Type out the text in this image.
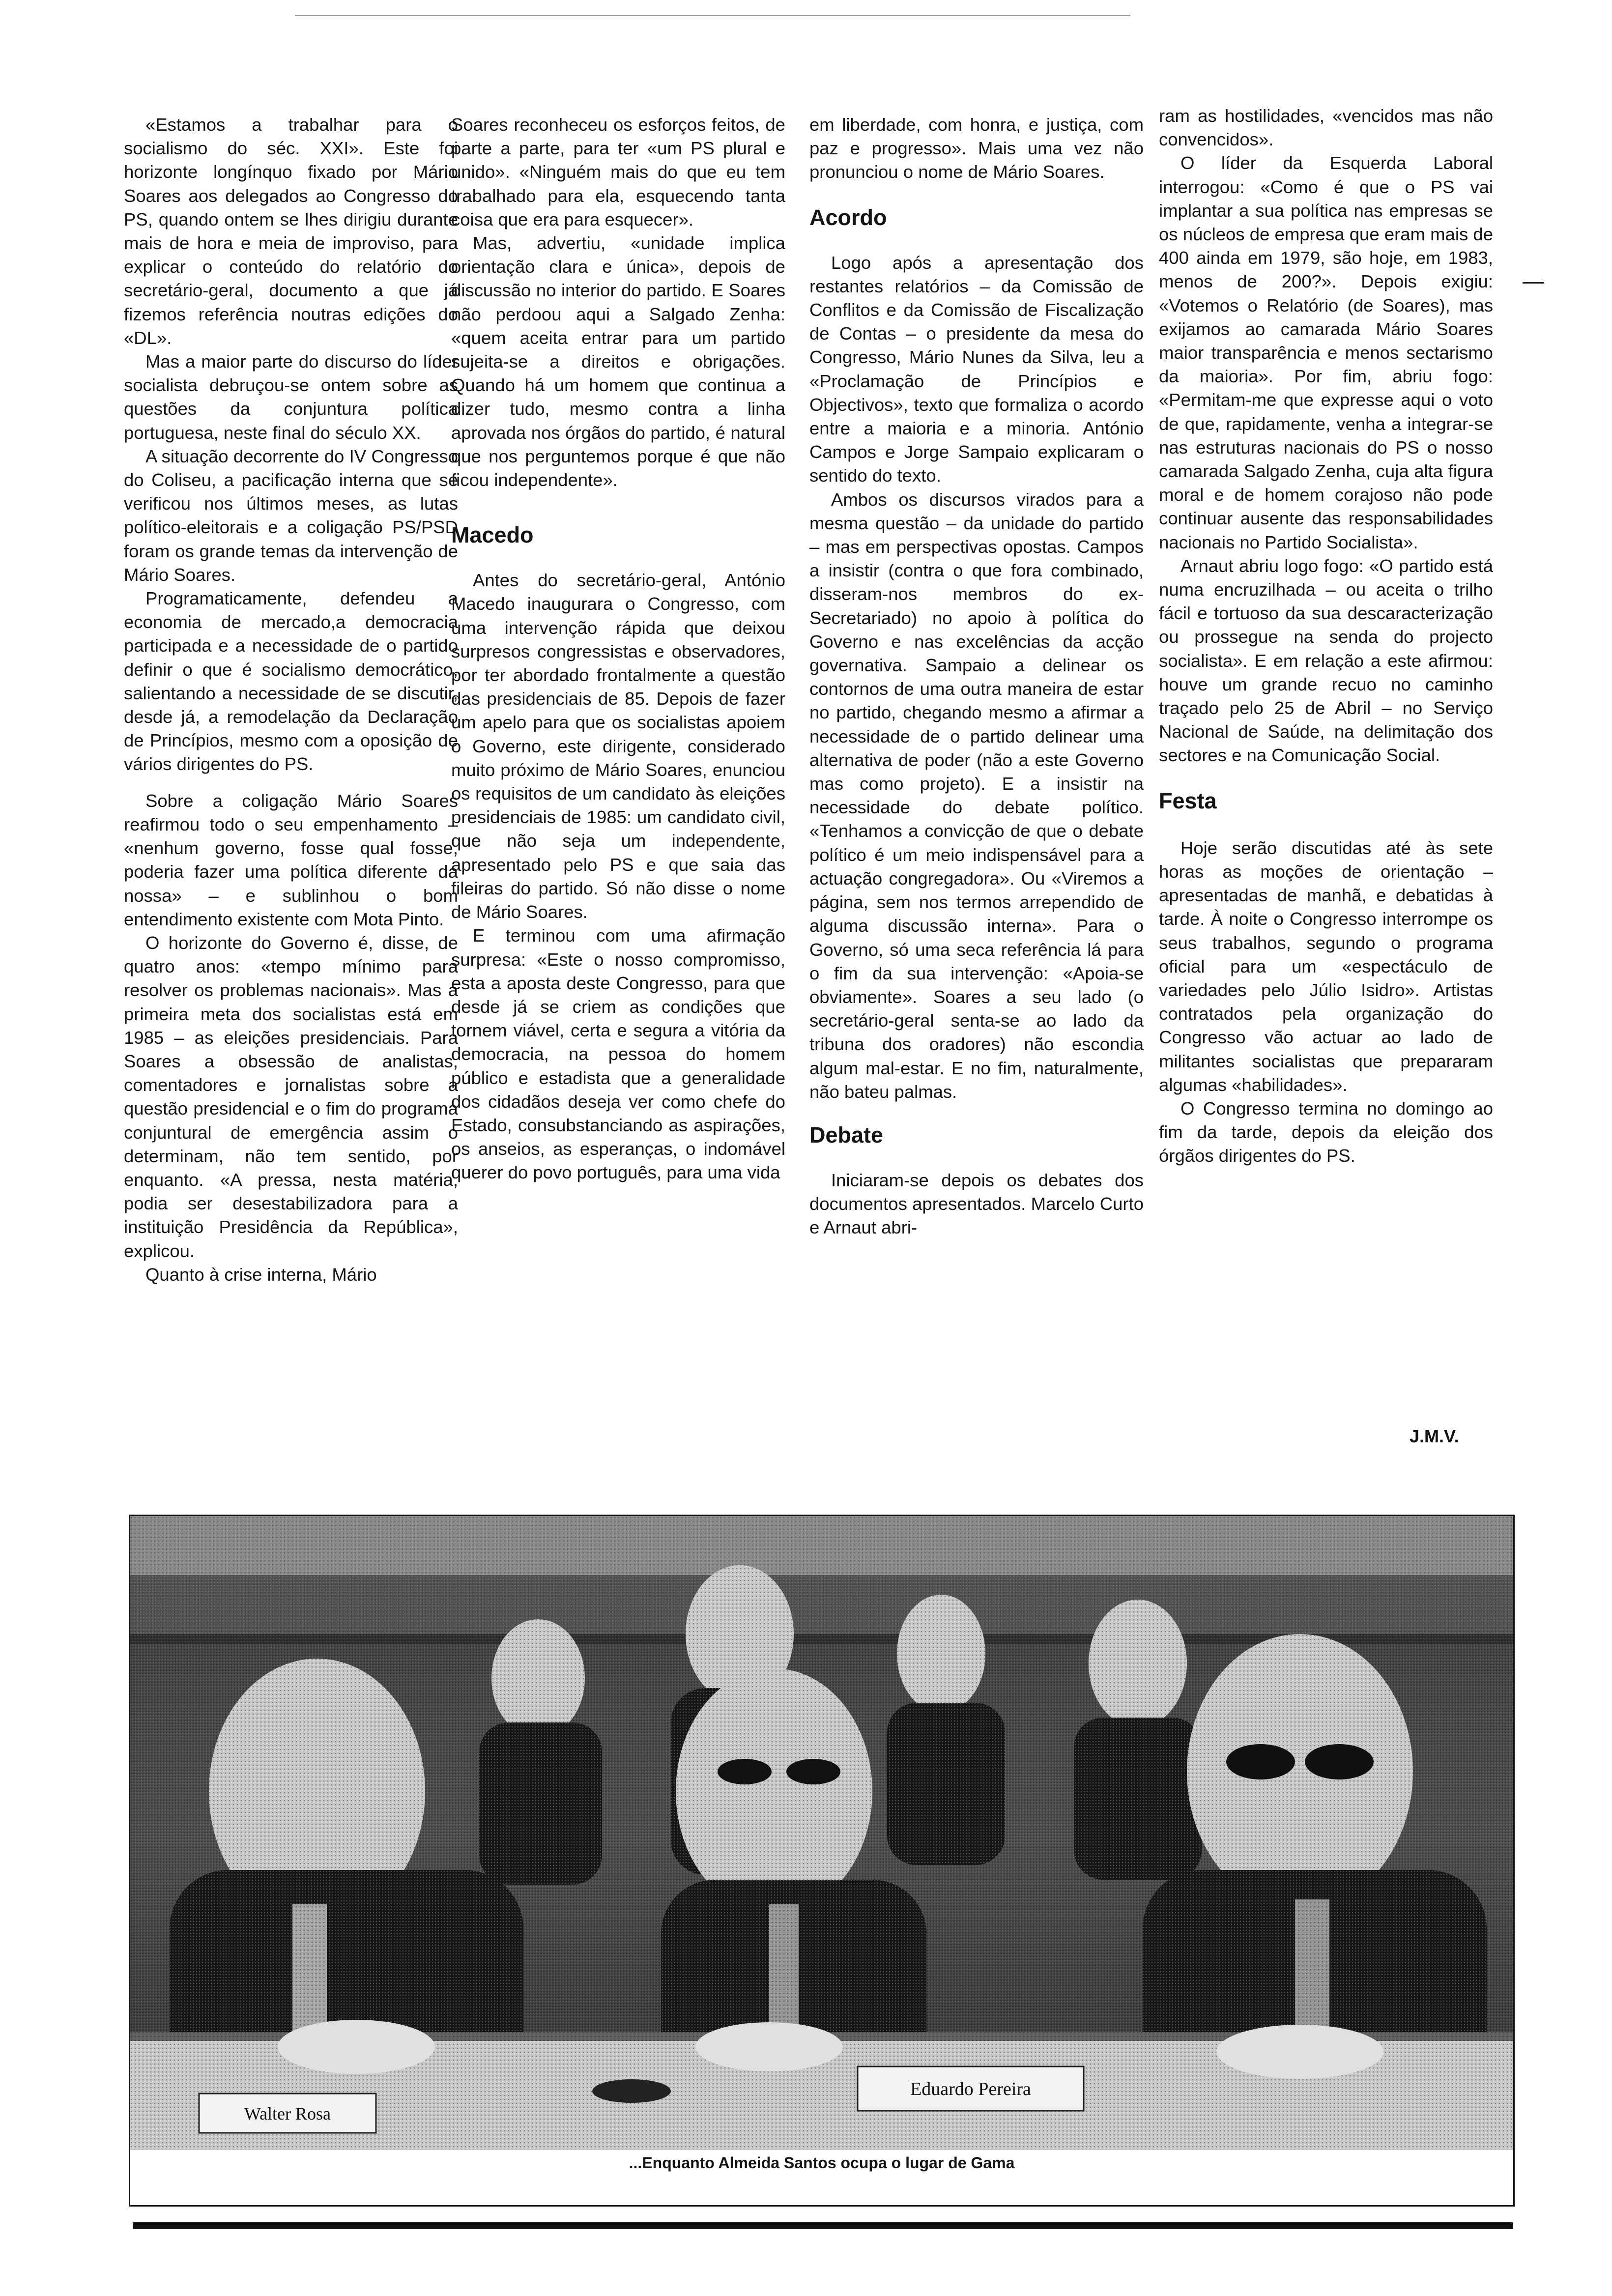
«Estamos a trabalhar para o socialismo do séc. XXI». Este foi horizonte longínquo fixado por Mário Soares aos delegados ao Congresso do PS, quando ontem se lhes dirigiu durante mais de hora e meia de improviso, para explicar o conteúdo do relatório do secretário-geral, documento a que já fizemos referência noutras edições do «DL».

Mas a maior parte do discurso do líder socialista debruçou-se ontem sobre as questões da conjuntura política portuguesa, neste final do século XX.

A situação decorrente do IV Congresso do Coliseu, a pacificação interna que se verificou nos últimos meses, as lutas político-eleitorais e a coligação PS/PSD foram os grande temas da intervenção de Mário Soares.

Programaticamente, defendeu a economia de mercado,a democracia participada e a necessidade de o partido definir o que é socialismo democrático, salientando a necessidade de se discutir, desde já, a remodelação da Declaração de Princípios, mesmo com a oposição de vários dirigentes do PS.

Sobre a coligação Mário Soares reafirmou todo o seu empenhamento – «nenhum governo, fosse qual fosse, poderia fazer uma política diferente da nossa» – e sublinhou o bom entendimento existente com Mota Pinto.

O horizonte do Governo é, disse, de quatro anos: «tempo mínimo para resolver os problemas nacionais». Mas a primeira meta dos socialistas está em 1985 – as eleições presidenciais. Para Soares a obsessão de analistas, comentadores e jornalistas sobre a questão presidencial e o fim do programa conjuntural de emergência assim o determinam, não tem sentido, por enquanto. «A pressa, nesta matéria, podia ser desestabilizadora para a instituição Presidência da República», explicou.

Quanto à crise interna, Mário

Soares reconheceu os esforços feitos, de parte a parte, para ter «um PS plural e unido». «Ninguém mais do que eu tem trabalhado para ela, esquecendo tanta coisa que era para esquecer».

Mas, advertiu, «unidade implica orientação clara e única», depois de discussão no interior do partido. E Soares não perdoou aqui a Salgado Zenha: «quem aceita entrar para um partido sujeita-se a direitos e obrigações. Quando há um homem que continua a dizer tudo, mesmo contra a linha aprovada nos órgãos do partido, é natural que nos perguntemos porque é que não ficou independente».

Macedo

Antes do secretário-geral, António Macedo inaugurara o Congresso, com uma intervenção rápida que deixou surpresos congressistas e observadores, por ter abordado frontalmente a questão das presidenciais de 85. Depois de fazer um apelo para que os socialistas apoiem o Governo, este dirigente, considerado muito próximo de Mário Soares, enunciou os requisitos de um candidato às eleições presidenciais de 1985: um candidato civil, que não seja um independente, apresentado pelo PS e que saia das fileiras do partido. Só não disse o nome de Mário Soares.

E terminou com uma afirmação surpresa: «Este o nosso compromisso, esta a aposta deste Congresso, para que desde já se criem as condições que tornem viável, certa e segura a vitória da democracia, na pessoa do homem público e estadista que a generalidade dos cidadãos deseja ver como chefe do Estado, consubstanciando as aspirações, os anseios, as esperanças, o indomável querer do povo português, para uma vida

em liberdade, com honra, e justiça, com paz e progresso». Mais uma vez não pronunciou o nome de Mário Soares.

Acordo

Logo após a apresentação dos restantes relatórios – da Comissão de Conflitos e da Comissão de Fiscalização de Contas – o presidente da mesa do Congresso, Mário Nunes da Silva, leu a «Proclamação de Princípios e Objectivos», texto que formaliza o acordo entre a maioria e a minoria. António Campos e Jorge Sampaio explicaram o sentido do texto.

Ambos os discursos virados para a mesma questão – da unidade do partido – mas em perspectivas opostas. Campos a insistir (contra o que fora combinado, disseram-nos membros do ex-Secretariado) no apoio à política do Governo e nas excelências da acção governativa. Sampaio a delinear os contornos de uma outra maneira de estar no partido, chegando mesmo a afirmar a necessidade de o partido delinear uma alternativa de poder (não a este Governo mas como projeto). E a insistir na necessidade do debate político. «Tenhamos a convicção de que o debate político é um meio indispensável para a actuação congregadora». Ou «Viremos a página, sem nos termos arrependido de alguma discussão interna». Para o Governo, só uma seca referência lá para o fim da sua intervenção: «Apoia-se obviamente». Soares a seu lado (o secretário-geral senta-se ao lado da tribuna dos oradores) não escondia algum mal-estar. E no fim, naturalmente, não bateu palmas.

Debate

Iniciaram-se depois os debates dos documentos apresentados. Marcelo Curto e Arnaut abri-

ram as hostilidades, «vencidos mas não convencidos».

O líder da Esquerda Laboral interrogou: «Como é que o PS vai implantar a sua política nas empresas se os núcleos de empresa que eram mais de 400 ainda em 1979, são hoje, em 1983, menos de 200?». Depois exigiu: «Votemos o Relatório (de Soares), mas exijamos ao camarada Mário Soares maior transparência e menos sectarismo da maioria». Por fim, abriu fogo: «Permitam-me que expresse aqui o voto de que, rapidamente, venha a integrar-se nas estruturas nacionais do PS o nosso camarada Salgado Zenha, cuja alta figura moral e de homem corajoso não pode continuar ausente das responsabilidades nacionais no Partido Socialista».

Arnaut abriu logo fogo: «O partido está numa encruzilhada – ou aceita o trilho fácil e tortuoso da sua descaracterização ou prossegue na senda do projecto socialista». E em relação a este afirmou: houve um grande recuo no caminho traçado pelo 25 de Abril – no Serviço Nacional de Saúde, na delimitação dos sectores e na Comunicação Social.

Festa

Hoje serão discutidas até às sete horas as moções de orientação – apresentadas de manhã, e debatidas à tarde. À noite o Congresso interrompe os seus trabalhos, segundo o programa oficial para um «espectáculo de variedades pelo Júlio Isidro». Artistas contratados pela organização do Congresso vão actuar ao lado de militantes socialistas que prepararam algumas «habilidades».

O Congresso termina no domingo ao fim da tarde, depois da eleição dos órgãos dirigentes do PS.

J.M.V.
Walter Rosa
Eduardo Pereira
...Enquanto Almeida Santos ocupa o lugar de Gama
